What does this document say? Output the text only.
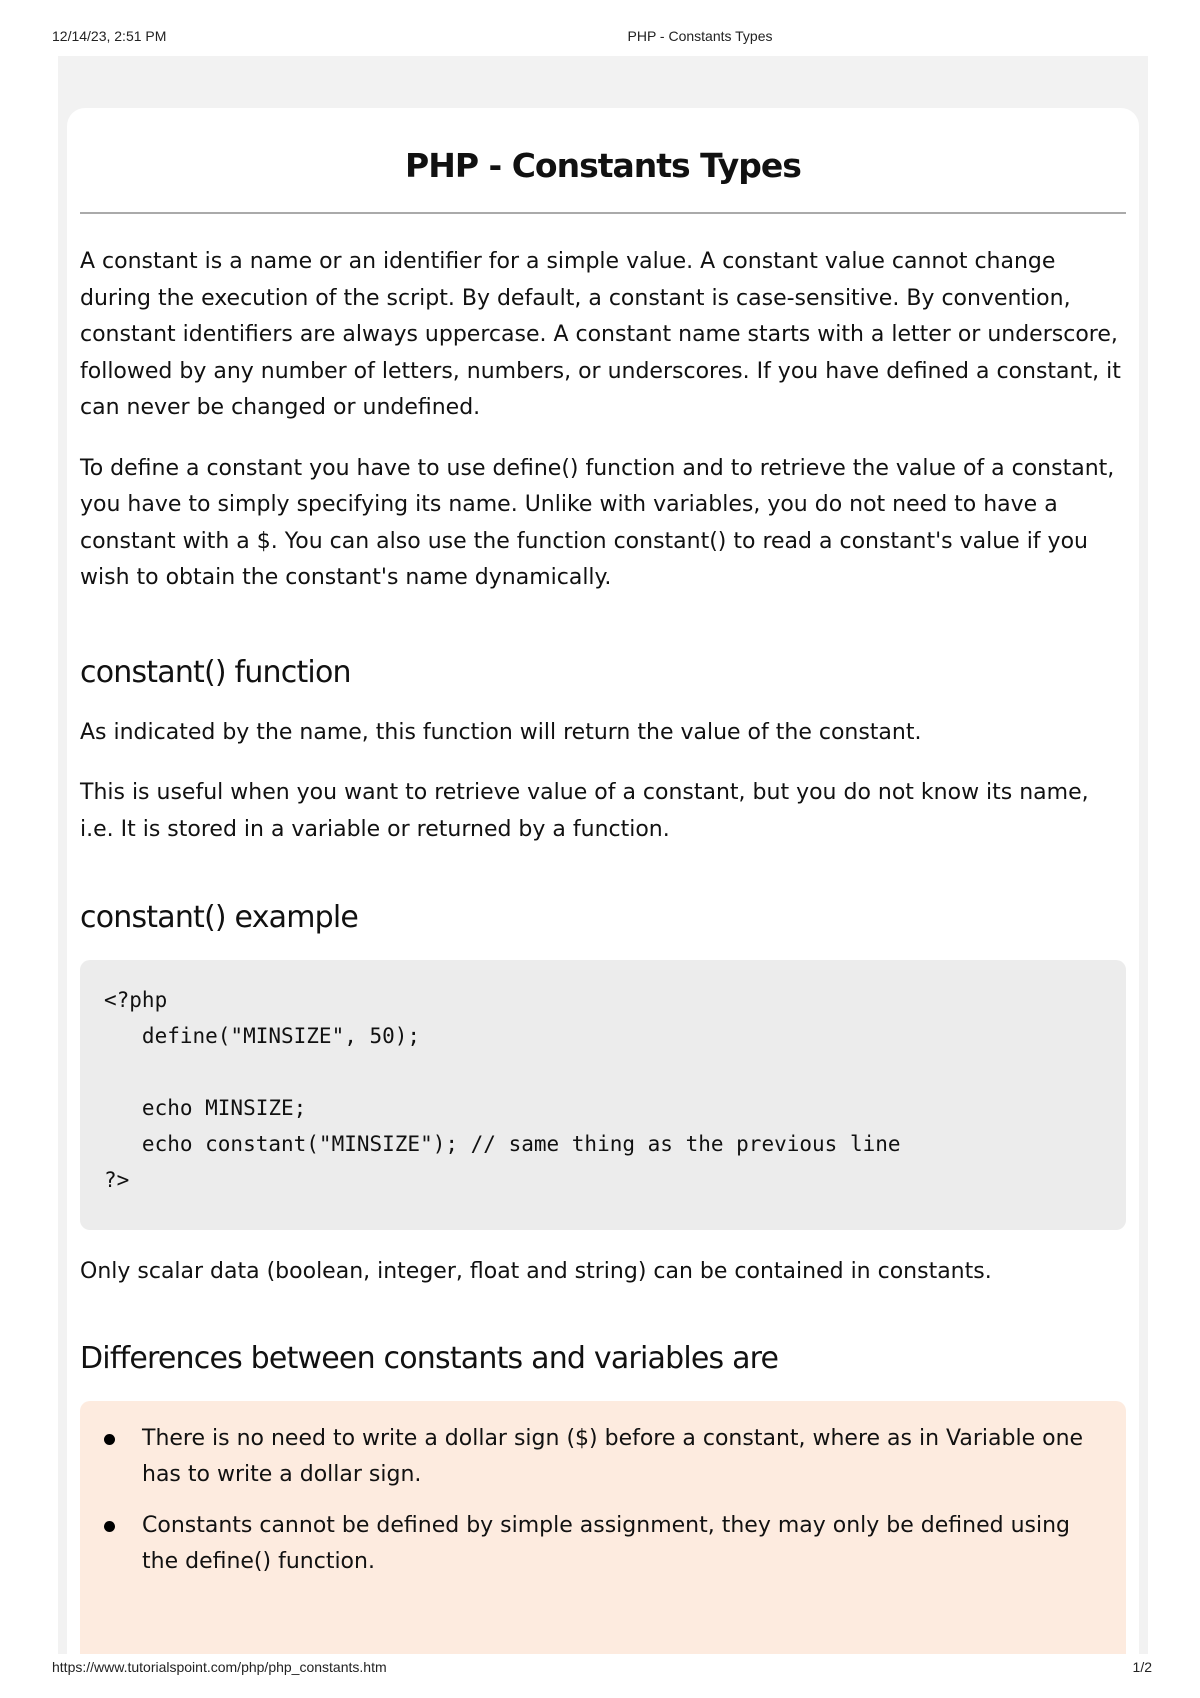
12/14/23, 2:51 PM	PHP - Constants Types
PHP - Constants Types

A constant is a name or an identifier for a simple value. A constant value cannot change during the execution of the script. By default, a constant is case-sensitive. By convention, constant identifiers are always uppercase. A constant name starts with a letter or underscore, followed by any number of letters, numbers, or underscores. If you have defined a constant, it can never be changed or undefined.

To define a constant you have to use define() function and to retrieve the value of a constant, you have to simply specifying its name. Unlike with variables, you do not need to have a constant with a $. You can also use the function constant() to read a constant's value if you wish to obtain the constant's name dynamically.

constant() function

As indicated by the name, this function will return the value of the constant.

This is useful when you want to retrieve value of a constant, but you do not know its name, i.e. It is stored in a variable or returned by a function.

constant() example
<?php
define("MINSIZE", 50);
echo MINSIZE;
echo constant("MINSIZE"); // same thing as the previous line
?>

Only scalar data (boolean, integer, float and string) can be contained in constants.

Differences between constants and variables are

There is no need to write a dollar sign ($) before a constant, where as in Variable one has to write a dollar sign.

Constants cannot be defined by simple assignment, they may only be defined using the define() function.

https://www.tutorialspoint.com/php/php_constants.htm	1/2
